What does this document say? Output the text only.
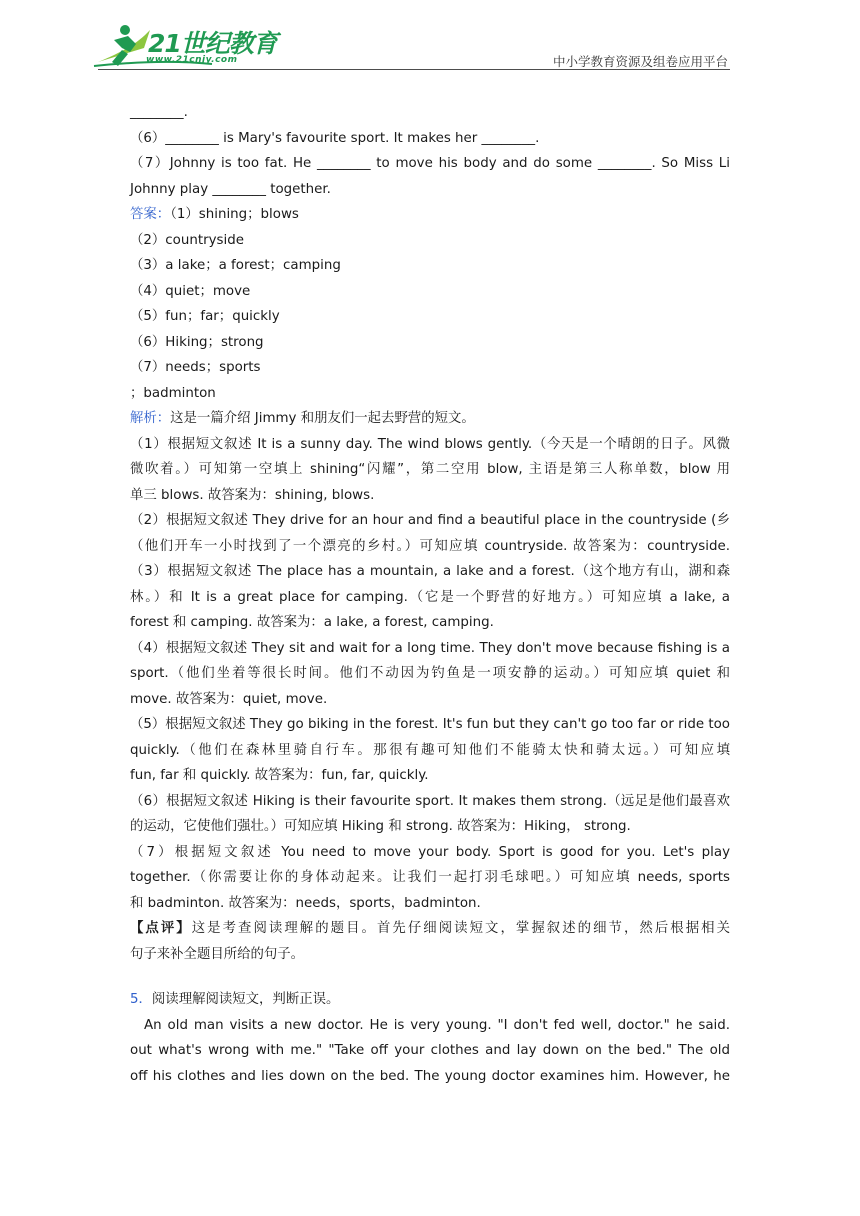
21世纪教育
www.21cnjy.com	中小学教育资源及组卷应用平台
________.
（6）________ is Mary's favourite sport. It makes her ________.
（7）Johnny is too fat. He ________ to move his body and do some ________. So Miss Li
Johnny play ________ together.
答案：（1）shining；blows
（2）countryside
（3）a lake；a forest；camping
（4）quiet；move
（5）fun；far；quickly
（6）Hiking；strong
（7）needs；sports
；badminton
解析：这是一篇介绍 Jimmy 和朋友们一起去野营的短文。
（1）根据短文叙述 It is a sunny day. The wind blows gently.（今天是一个晴朗的日子。风微
微吹着。）可知第一空填上 shining“闪耀”，第二空用 blow, 主语是第三人称单数，blow 用
单三 blows. 故答案为：shining, blows.
（2）根据短文叙述 They drive for an hour and find a beautiful place in the countryside (乡
（他们开车一小时找到了一个漂亮的乡村。）可知应填 countryside. 故答案为：countryside.
（3）根据短文叙述 The place has a mountain, a lake and a forest.（这个地方有山，湖和森
林。）和 It is a great place for camping.（它是一个野营的好地方。）可知应填 a lake, a
forest 和 camping. 故答案为：a lake, a forest, camping.
（4）根据短文叙述 They sit and wait for a long time. They don't move because fishing is a
sport.（他们坐着等很长时间。他们不动因为钓鱼是一项安静的运动。）可知应填 quiet 和
move. 故答案为：quiet, move.
（5）根据短文叙述 They go biking in the forest. It's fun but they can't go too far or ride too
quickly.（他们在森林里骑自行车。那很有趣可知他们不能骑太快和骑太远。）可知应填
fun, far 和 quickly. 故答案为：fun, far, quickly.
（6）根据短文叙述 Hiking is their favourite sport. It makes them strong.（远足是他们最喜欢
的运动，它使他们强壮。）可知应填 Hiking 和 strong. 故答案为：Hiking， strong.
（7）根据短文叙述 You need to move your body. Sport is good for you. Let's play
together.（你需要让你的身体动起来。让我们一起打羽毛球吧。）可知应填 needs, sports
和 badminton. 故答案为：needs，sports，badminton.
【点评】这是考查阅读理解的题目。首先仔细阅读短文，掌握叙述的细节，然后根据相关
句子来补全题目所给的句子。
5．阅读理解阅读短文，判断正误。
An old man visits a new doctor. He is very young. "I don't fed well, doctor." he said.
out what's wrong with me." "Take off your clothes and lay down on the bed." The old
off his clothes and lies down on the bed. The young doctor examines him. However, he
